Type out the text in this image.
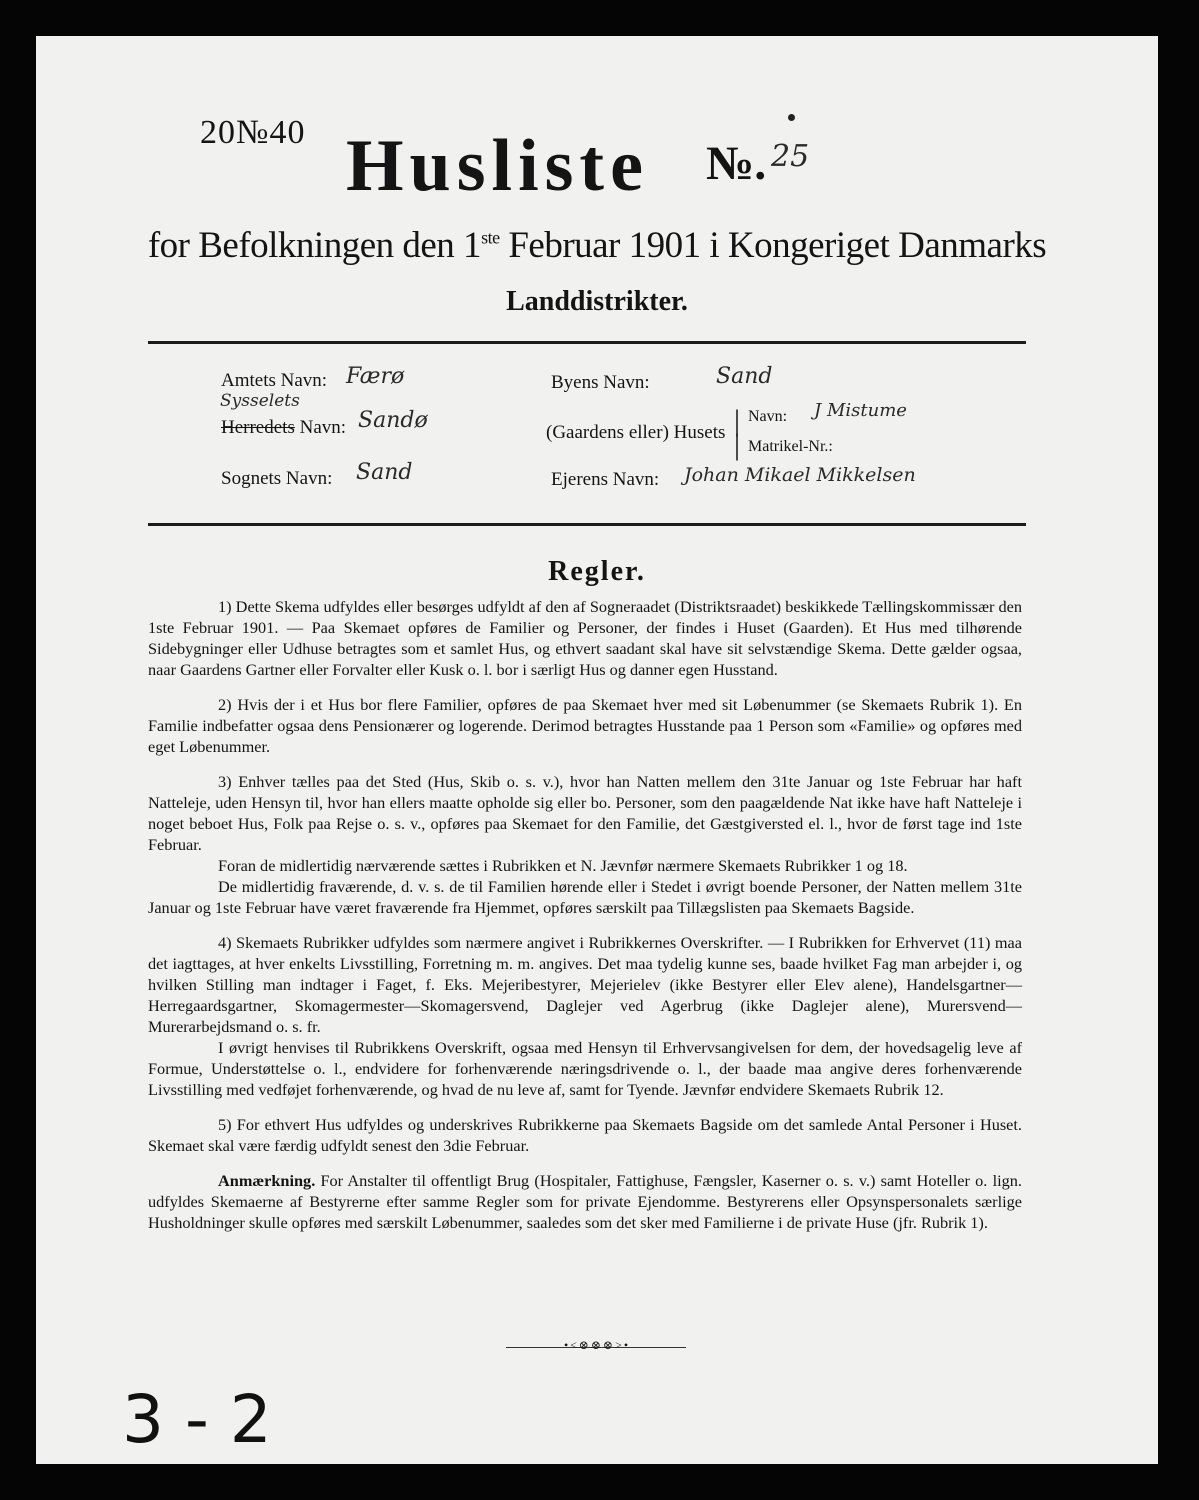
20№40 Husliste №. 25
for Befolkningen den 1ste Februar 1901 i Kongeriget Danmarks
Landdistrikter.
Amtets Navn: Færø
Sysselets
Herredets Navn: Sandø
Sognets Navn: Sand
Byens Navn:	Sand
(Gaardens eller) Husets |
|
Navn: J Mistume
Matrikel-Nr.:
Ejerens Navn: Johan Mikael Mikkelsen
Regler.

1) Dette Skema udfyldes eller besørges udfyldt af den af Sogneraadet (Distriktsraadet) beskikkede Tællingskommissær den 1ste Februar 1901. — Paa Skemaet opføres de Familier og Personer, der findes i Huset (Gaarden). Et Hus med tilhørende Sidebygninger eller Udhuse betragtes som et samlet Hus, og ethvert saadant skal have sit selvstændige Skema. Dette gælder ogsaa, naar Gaardens Gartner eller Forvalter eller Kusk o. l. bor i særligt Hus og danner egen Husstand.

2) Hvis der i et Hus bor flere Familier, opføres de paa Skemaet hver med sit Løbenummer (se Skemaets Rubrik 1). En Familie indbefatter ogsaa dens Pensionærer og logerende. Derimod betragtes Husstande paa 1 Person som «Familie» og opføres med eget Løbenummer.

3) Enhver tælles paa det Sted (Hus, Skib o. s. v.), hvor han Natten mellem den 31te Januar og 1ste Februar har haft Natteleje, uden Hensyn til, hvor han ellers maatte opholde sig eller bo. Personer, som den paagældende Nat ikke have haft Natteleje i noget beboet Hus, Folk paa Rejse o. s. v., opføres paa Skemaet for den Familie, det Gæstgiversted el. l., hvor de først tage ind 1ste Februar.

Foran de midlertidig nærværende sættes i Rubrikken et N. Jævnfør nærmere Skemaets Rubrikker 1 og 18.

De midlertidig fraværende, d. v. s. de til Familien hørende eller i Stedet i øvrigt boende Personer, der Natten mellem 31te Januar og 1ste Februar have været fraværende fra Hjemmet, opføres særskilt paa Tillægslisten paa Skemaets Bagside.

4) Skemaets Rubrikker udfyldes som nærmere angivet i Rubrikkernes Overskrifter. — I Rubrikken for Erhvervet (11) maa det iagttages, at hver enkelts Livsstilling, Forretning m. m. angives. Det maa tydelig kunne ses, baade hvilket Fag man arbejder i, og hvilken Stilling man indtager i Faget, f. Eks. Mejeribestyrer, Mejerielev (ikke Bestyrer eller Elev alene), Handelsgartner—Herregaardsgartner, Skomagermester—Skomagersvend, Daglejer ved Agerbrug (ikke Daglejer alene), Murersvend—Murerarbejdsmand o. s. fr.

I øvrigt henvises til Rubrikkens Overskrift, ogsaa med Hensyn til Erhvervsangivelsen for dem, der hovedsagelig leve af Formue, Understøttelse o. l., endvidere for forhenværende næringsdrivende o. l., der baade maa angive deres forhenværende Livsstilling med vedføjet forhenværende, og hvad de nu leve af, samt for Tyende. Jævnfør endvidere Skemaets Rubrik 12.

5) For ethvert Hus udfyldes og underskrives Rubrikkerne paa Skemaets Bagside om det samlede Antal Personer i Huset. Skemaet skal være færdig udfyldt senest den 3die Februar.

Anmærkning. For Anstalter til offentligt Brug (Hospitaler, Fattighuse, Fængsler, Kaserner o. s. v.) samt Hoteller o. lign. udfyldes Skemaerne af Bestyrerne efter samme Regler som for private Ejendomme. Bestyrerens eller Opsynspersonalets særlige Husholdninger skulle opføres med særskilt Løbenummer, saaledes som det sker med Familierne i de private Huse (jfr. Rubrik 1).

•<⊗⊗⊗>•
3 - 2
